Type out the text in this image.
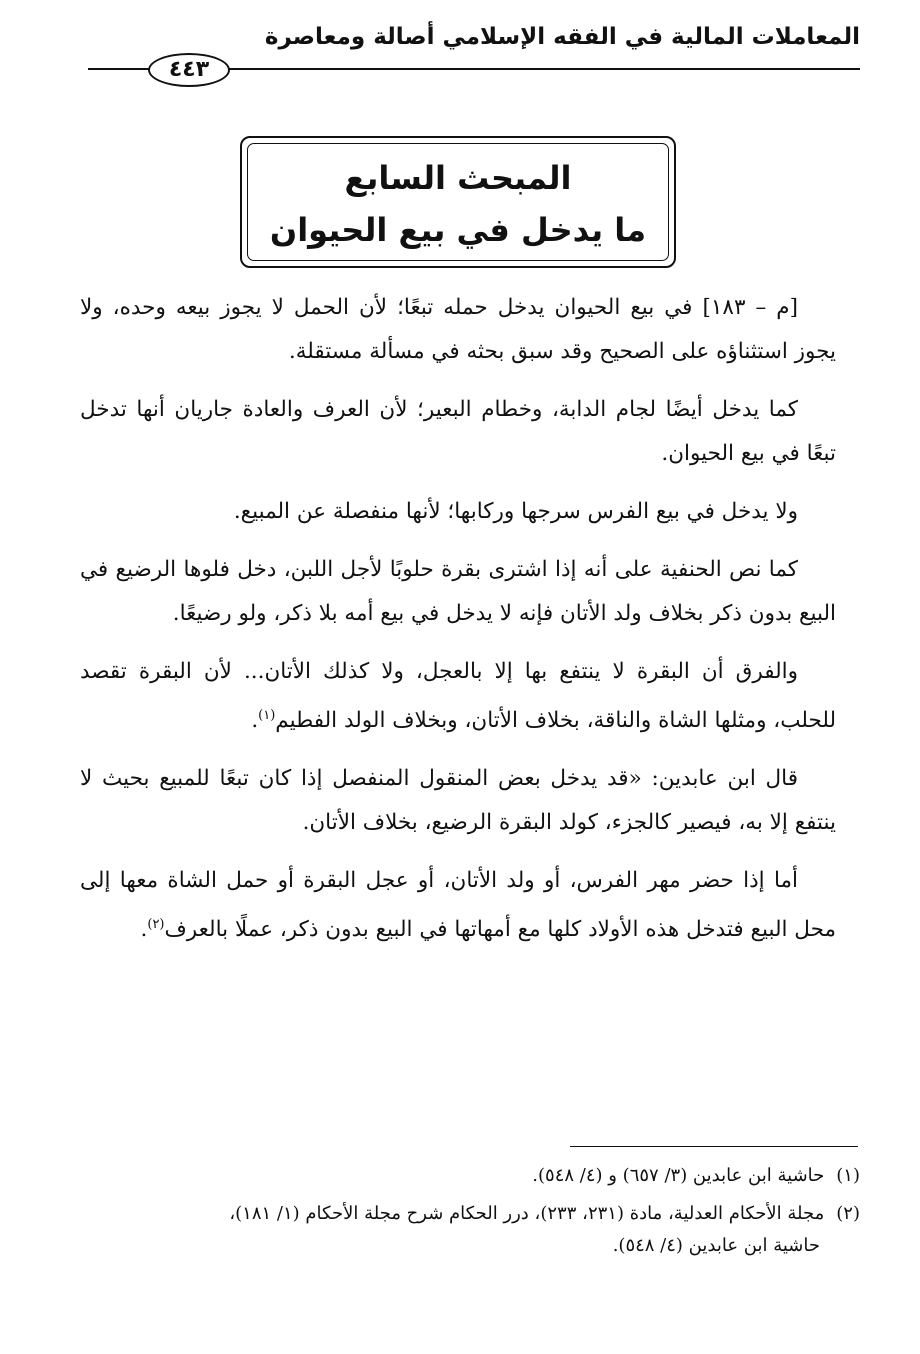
المعاملات المالية في الفقه الإسلامي أصالة ومعاصرة
٤٤٣
المبحث السابع
ما يدخل في بيع الحيوان

[م – ١٨٣] في بيع الحيوان يدخل حمله تبعًا؛ لأن الحمل لا يجوز بيعه وحده، ولا يجوز استثناؤه على الصحيح وقد سبق بحثه في مسألة مستقلة.

كما يدخل أيضًا لجام الدابة، وخطام البعير؛ لأن العرف والعادة جاريان أنها تدخل تبعًا في بيع الحيوان.

ولا يدخل في بيع الفرس سرجها وركابها؛ لأنها منفصلة عن المبيع.

كما نص الحنفية على أنه إذا اشترى بقرة حلوبًا لأجل اللبن، دخل فلوها الرضيع في البيع بدون ذكر بخلاف ولد الأتان فإنه لا يدخل في بيع أمه بلا ذكر، ولو رضيعًا.

والفرق أن البقرة لا ينتفع بها إلا بالعجل، ولا كذلك الأتان... لأن البقرة تقصد للحلب، ومثلها الشاة والناقة، بخلاف الأتان، وبخلاف الولد الفطيم$^{(١)}$.

قال ابن عابدين: «قد يدخل بعض المنقول المنفصل إذا كان تبعًا للمبيع بحيث لا ينتفع إلا به، فيصير كالجزء، كولد البقرة الرضيع، بخلاف الأتان.

أما إذا حضر مهر الفرس، أو ولد الأتان، أو عجل البقرة أو حمل الشاة معها إلى محل البيع فتدخل هذه الأولاد كلها مع أمهاتها في البيع بدون ذكر، عملًا بالعرف$^{(٢)}$.

(١)حاشية ابن عابدين (٣/ ٦٥٧) و (٤/ ٥٤٨).
(٢)مجلة الأحكام العدلية، مادة (٢٣١، ٢٣٣)، درر الحكام شرح مجلة الأحكام (١/ ١٨١)،
حاشية ابن عابدين (٤/ ٥٤٨).
